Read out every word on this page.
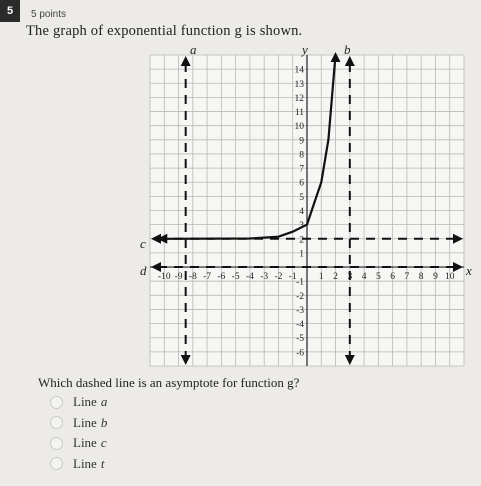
5	5 points
The graph of exponential function g is shown.
-10 -9 -8 -7 -6 -5 -4 -3 -2 -1 1 2 3 4 5 6 7 8 9 10
1
2
3
4
5
6
7
8
9
10
11
12
13
14
-1
-2
-3
-4
-5
-6
a	b
c
d
y
x
Which dashed line is an asymptote for function g?
Line a
Line b
Line c
Line t
